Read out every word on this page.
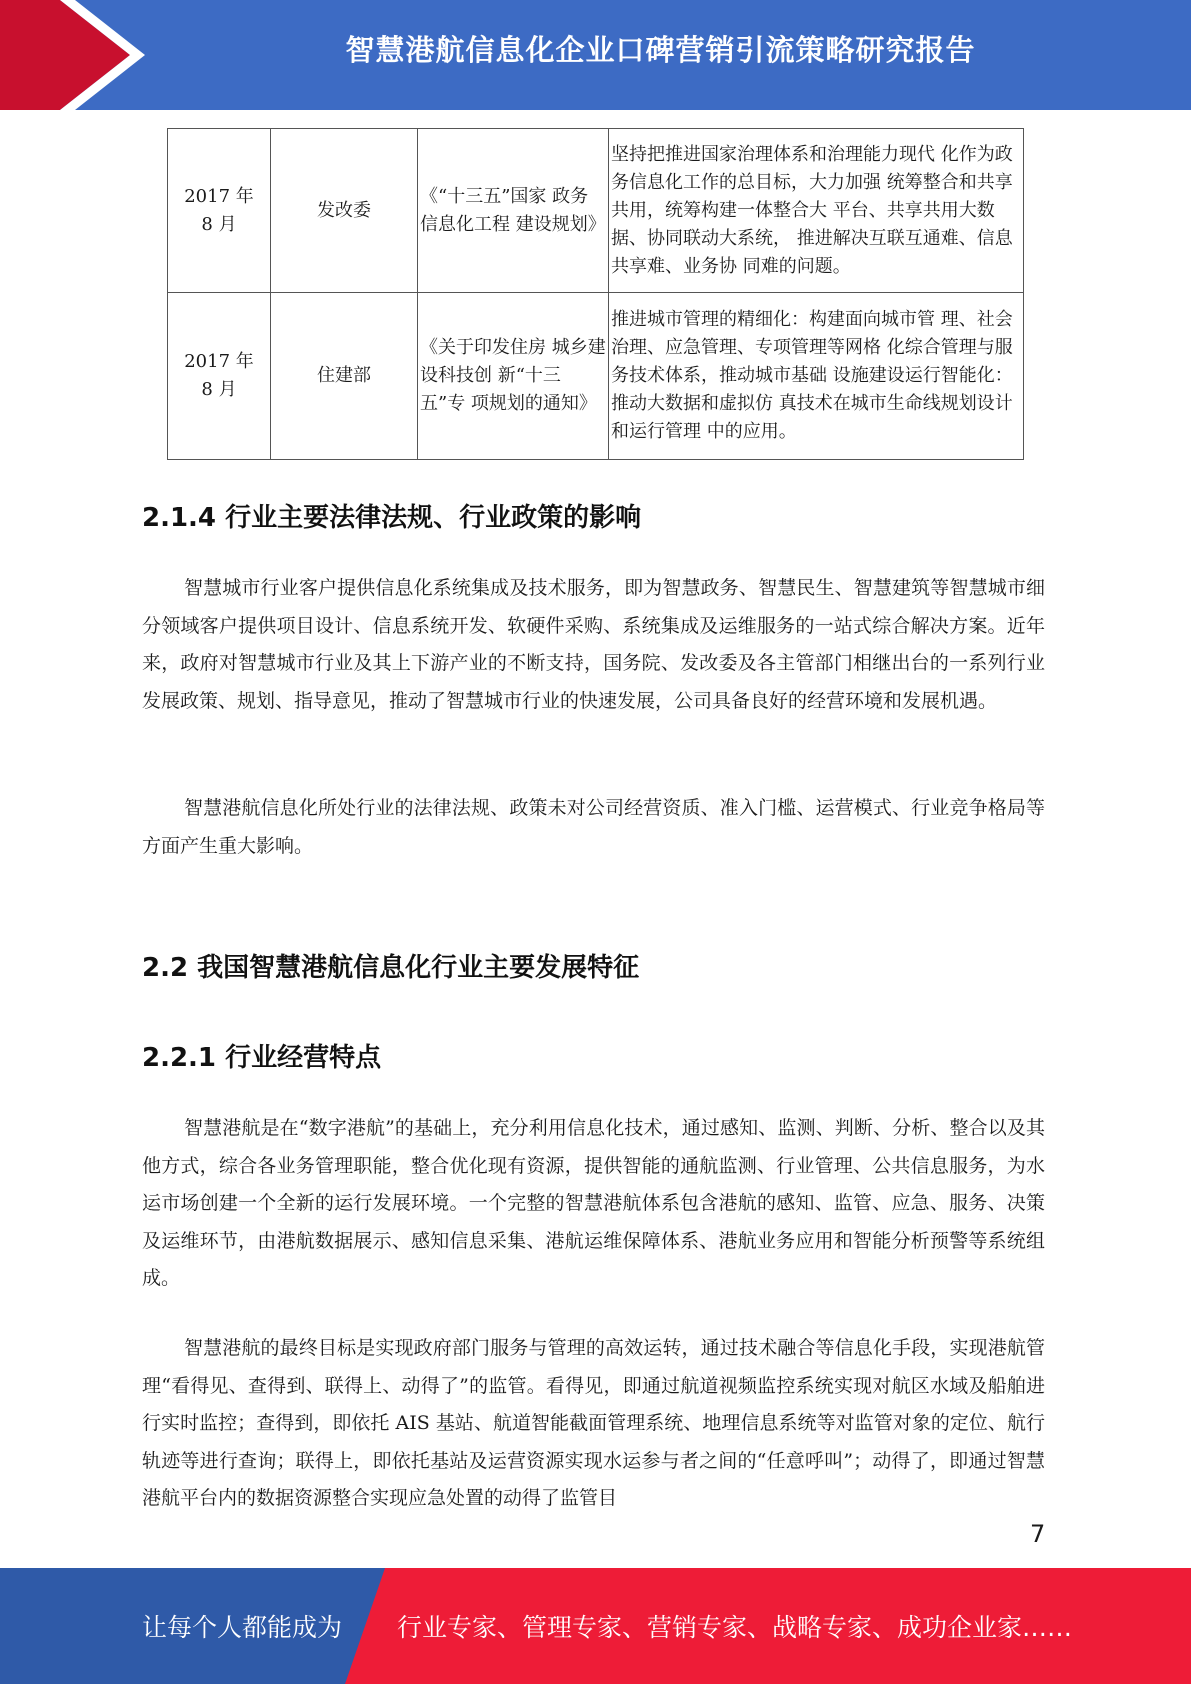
智慧港航信息化企业口碑营销引流策略研究报告
2017 年
8 月	发改委	《“十三五”国家 政务信息化工程 建设规划》	坚持把推进国家治理体系和治理能力现代 化作为政务信息化工作的总目标，大力加强 统筹整合和共享共用，统筹构建一体整合大 平台、共享共用大数据、协同联动大系统， 推进解决互联互通难、信息共享难、业务协 同难的问题。
2017 年
8 月	住建部	《关于印发住房 城乡建设科技创 新“十三五”专 项规划的通知》	推进城市管理的精细化：构建面向城市管 理、社会治理、应急管理、专项管理等网格 化综合管理与服务技术体系，推动城市基础 设施建设运行智能化：推动大数据和虚拟仿 真技术在城市生命线规划设计和运行管理 中的应用。
2.1.4 行业主要法律法规、行业政策的影响

智慧城市行业客户提供信息化系统集成及技术服务，即为智慧政务、智慧民生、智慧建筑等智慧城市细分领域客户提供项目设计、信息系统开发、软硬件采购、系统集成及运维服务的一站式综合解决方案。近年来，政府对智慧城市行业及其上下游产业的不断支持，国务院、发改委及各主管部门相继出台的一系列行业发展政策、规划、指导意见，推动了智慧城市行业的快速发展，公司具备良好的经营环境和发展机遇。

智慧港航信息化所处行业的法律法规、政策未对公司经营资质、准入门槛、运营模式、行业竞争格局等方面产生重大影响。

2.2 我国智慧港航信息化行业主要发展特征
2.2.1 行业经营特点

智慧港航是在“数字港航”的基础上，充分利用信息化技术，通过感知、监测、判断、分析、整合以及其他方式，综合各业务管理职能，整合优化现有资源，提供智能的通航监测、行业管理、公共信息服务，为水运市场创建一个全新的运行发展环境。一个完整的智慧港航体系包含港航的感知、监管、应急、服务、决策及运维环节，由港航数据展示、感知信息采集、港航运维保障体系、港航业务应用和智能分析预警等系统组成。

智慧港航的最终目标是实现政府部门服务与管理的高效运转，通过技术融合等信息化手段，实现港航管理“看得见、查得到、联得上、动得了”的监管。看得见，即通过航道视频监控系统实现对航区水域及船舶进行实时监控；查得到，即依托 AIS 基站、航道智能截面管理系统、地理信息系统等对监管对象的定位、航行轨迹等进行查询；联得上，即依托基站及运营资源实现水运参与者之间的“任意呼叫”；动得了，即通过智慧港航平台内的数据资源整合实现应急处置的动得了监管目

7
让每个人都能成为 行业专家、管理专家、营销专家、战略专家、成功企业家……
